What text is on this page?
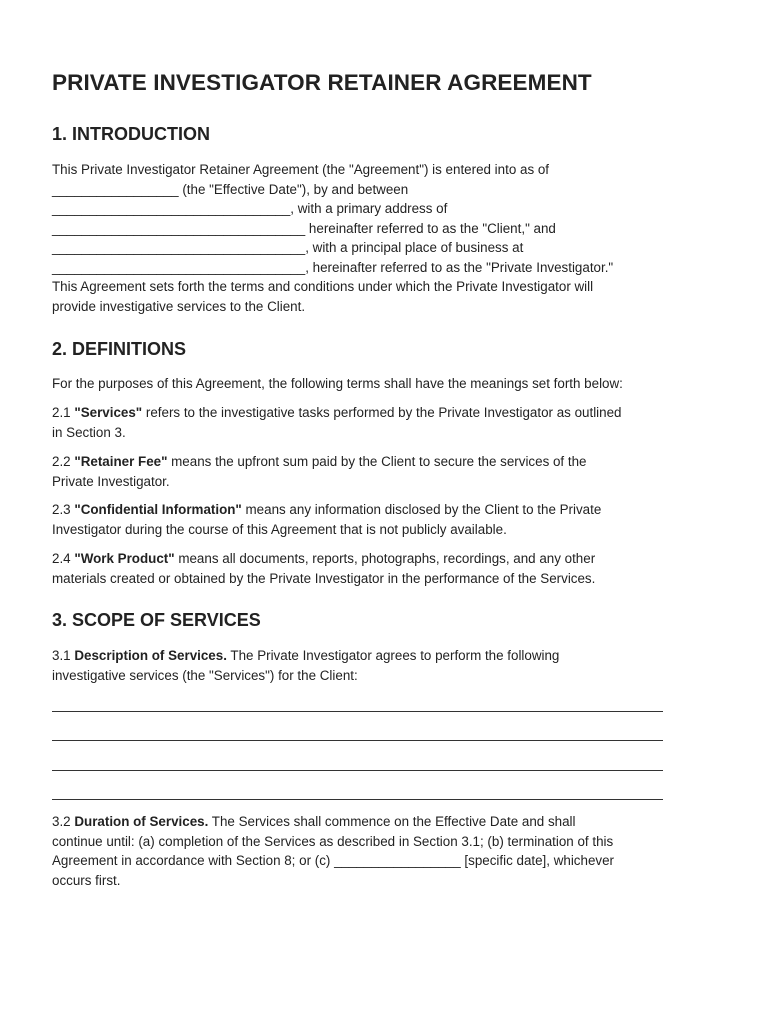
PRIVATE INVESTIGATOR RETAINER AGREEMENT
1. INTRODUCTION
This Private Investigator Retainer Agreement (the "Agreement") is entered into as of
_________________ (the "Effective Date"), by and between
________________________________, with a primary address of
__________________________________ hereinafter referred to as the "Client," and
__________________________________, with a principal place of business at
__________________________________, hereinafter referred to as the "Private Investigator."
This Agreement sets forth the terms and conditions under which the Private Investigator will
provide investigative services to the Client.
2. DEFINITIONS

For the purposes of this Agreement, the following terms shall have the meanings set forth below:

2.1 "Services" refers to the investigative tasks performed by the Private Investigator as outlined
in Section 3.
2.2 "Retainer Fee" means the upfront sum paid by the Client to secure the services of the
Private Investigator.
2.3 "Confidential Information" means any information disclosed by the Client to the Private
Investigator during the course of this Agreement that is not publicly available.
2.4 "Work Product" means all documents, reports, photographs, recordings, and any other
materials created or obtained by the Private Investigator in the performance of the Services.
3. SCOPE OF SERVICES
3.1 Description of Services. The Private Investigator agrees to perform the following
investigative services (the "Services") for the Client:
3.2 Duration of Services. The Services shall commence on the Effective Date and shall
continue until: (a) completion of the Services as described in Section 3.1; (b) termination of this
Agreement in accordance with Section 8; or (c) _________________ [specific date], whichever
occurs first.
